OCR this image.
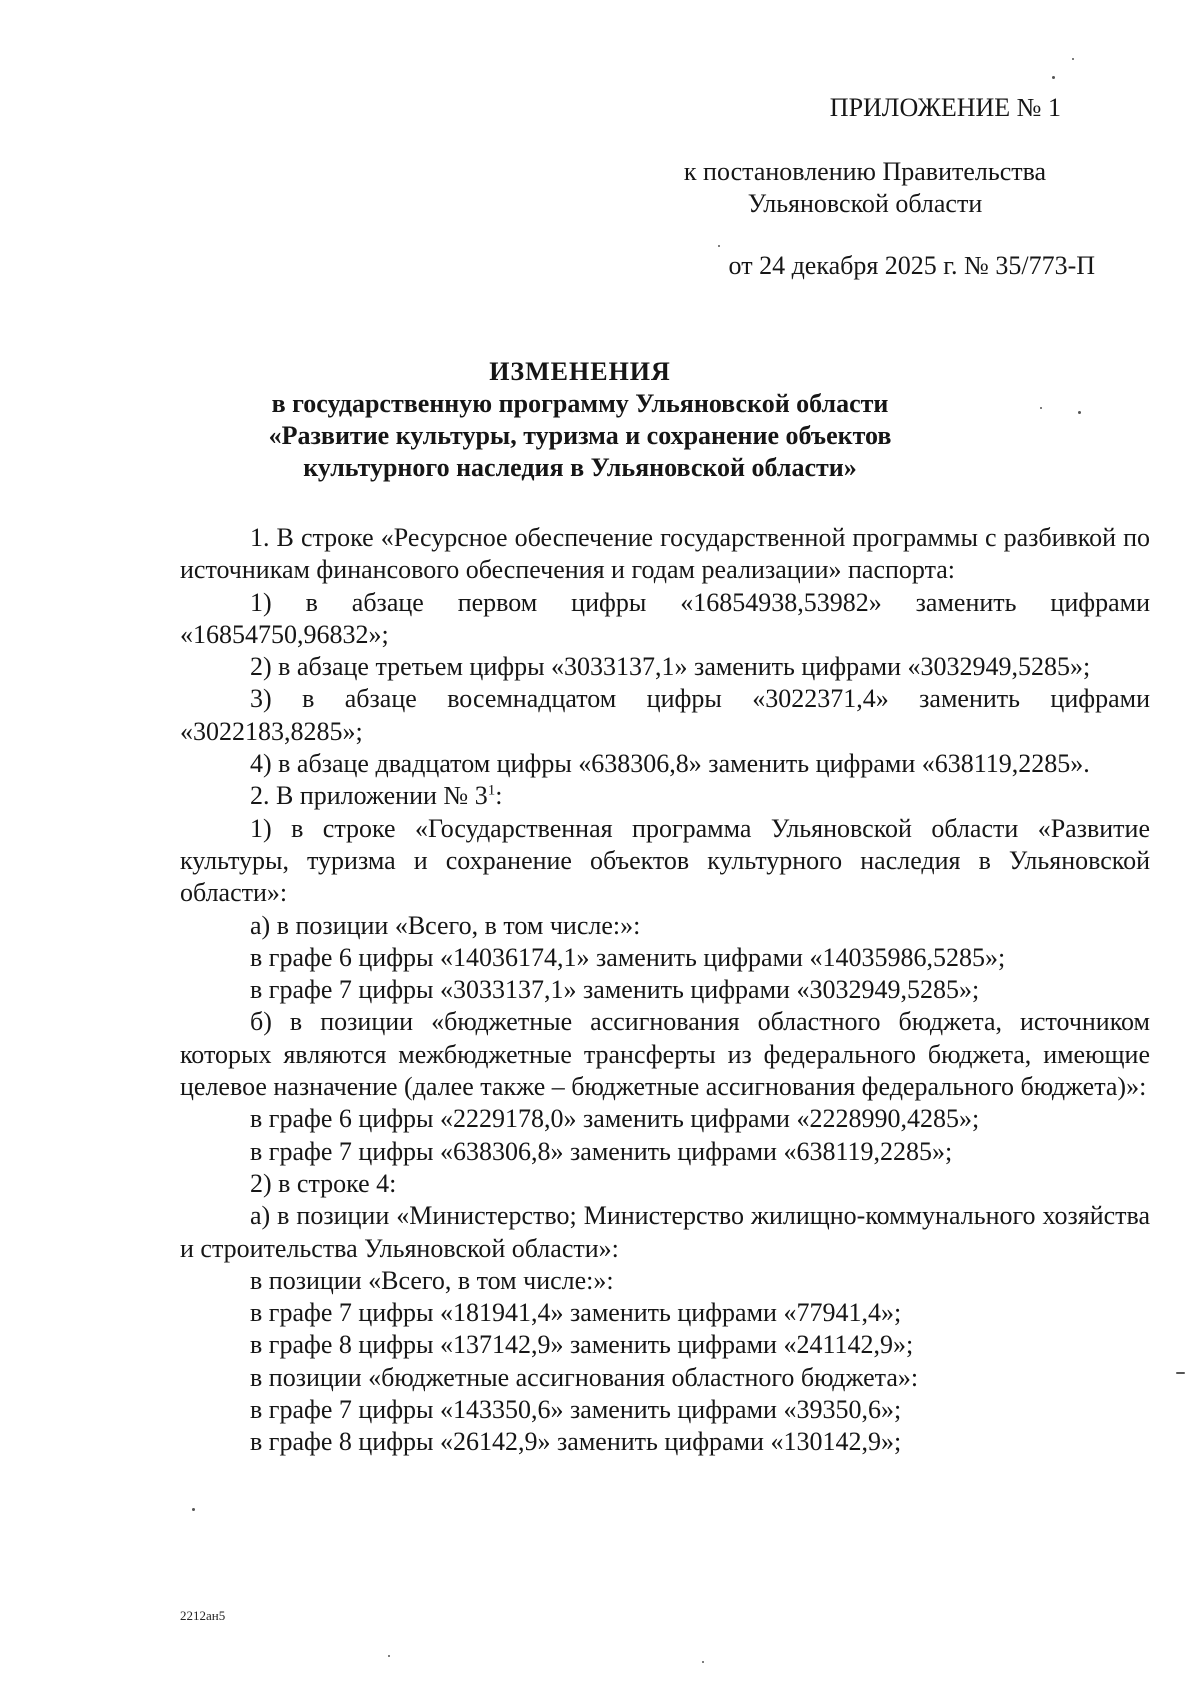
ПРИЛОЖЕНИЕ № 1
к постановлению Правительства
Ульяновской области
от 24 декабря 2025 г. № 35/773-П
ИЗМЕНЕНИЯ
в государственную программу Ульяновской области
«Развитие культуры, туризма и сохранение объектов
культурного наследия в Ульяновской области»

1. В строке «Ресурсное обеспечение государственной программы с разбивкой по источникам финансового обеспечения и годам реализации» паспорта:

1) в абзаце первом цифры «16854938,53982» заменить цифрами «16854750,96832»;

2) в абзаце третьем цифры «3033137,1» заменить цифрами «3032949,5285»;

3) в абзаце восемнадцатом цифры «3022371,4» заменить цифрами «3022183,8285»;

4) в абзаце двадцатом цифры «638306,8» заменить цифрами «638119,2285».

2. В приложении № $3^1$:

1) в строке «Государственная программа Ульяновской области «Развитие культуры, туризма и сохранение объектов культурного наследия в Ульяновской области»:

а) в позиции «Всего, в том числе:»:

в графе 6 цифры «14036174,1» заменить цифрами «14035986,5285»;

в графе 7 цифры «3033137,1» заменить цифрами «3032949,5285»;

б) в позиции «бюджетные ассигнования областного бюджета, источником которых являются межбюджетные трансферты из федерального бюджета, имеющие целевое назначение (далее также – бюджетные ассигнования федерального бюджета)»:

в графе 6 цифры «2229178,0» заменить цифрами «2228990,4285»;

в графе 7 цифры «638306,8» заменить цифрами «638119,2285»;

2) в строке 4:

а) в позиции «Министерство; Министерство жилищно-коммунального хозяйства и строительства Ульяновской области»:

в позиции «Всего, в том числе:»:

в графе 7 цифры «181941,4» заменить цифрами «77941,4»;

в графе 8 цифры «137142,9» заменить цифрами «241142,9»;

в позиции «бюджетные ассигнования областного бюджета»:

в графе 7 цифры «143350,6» заменить цифрами «39350,6»;

в графе 8 цифры «26142,9» заменить цифрами «130142,9»;

2212ан5
